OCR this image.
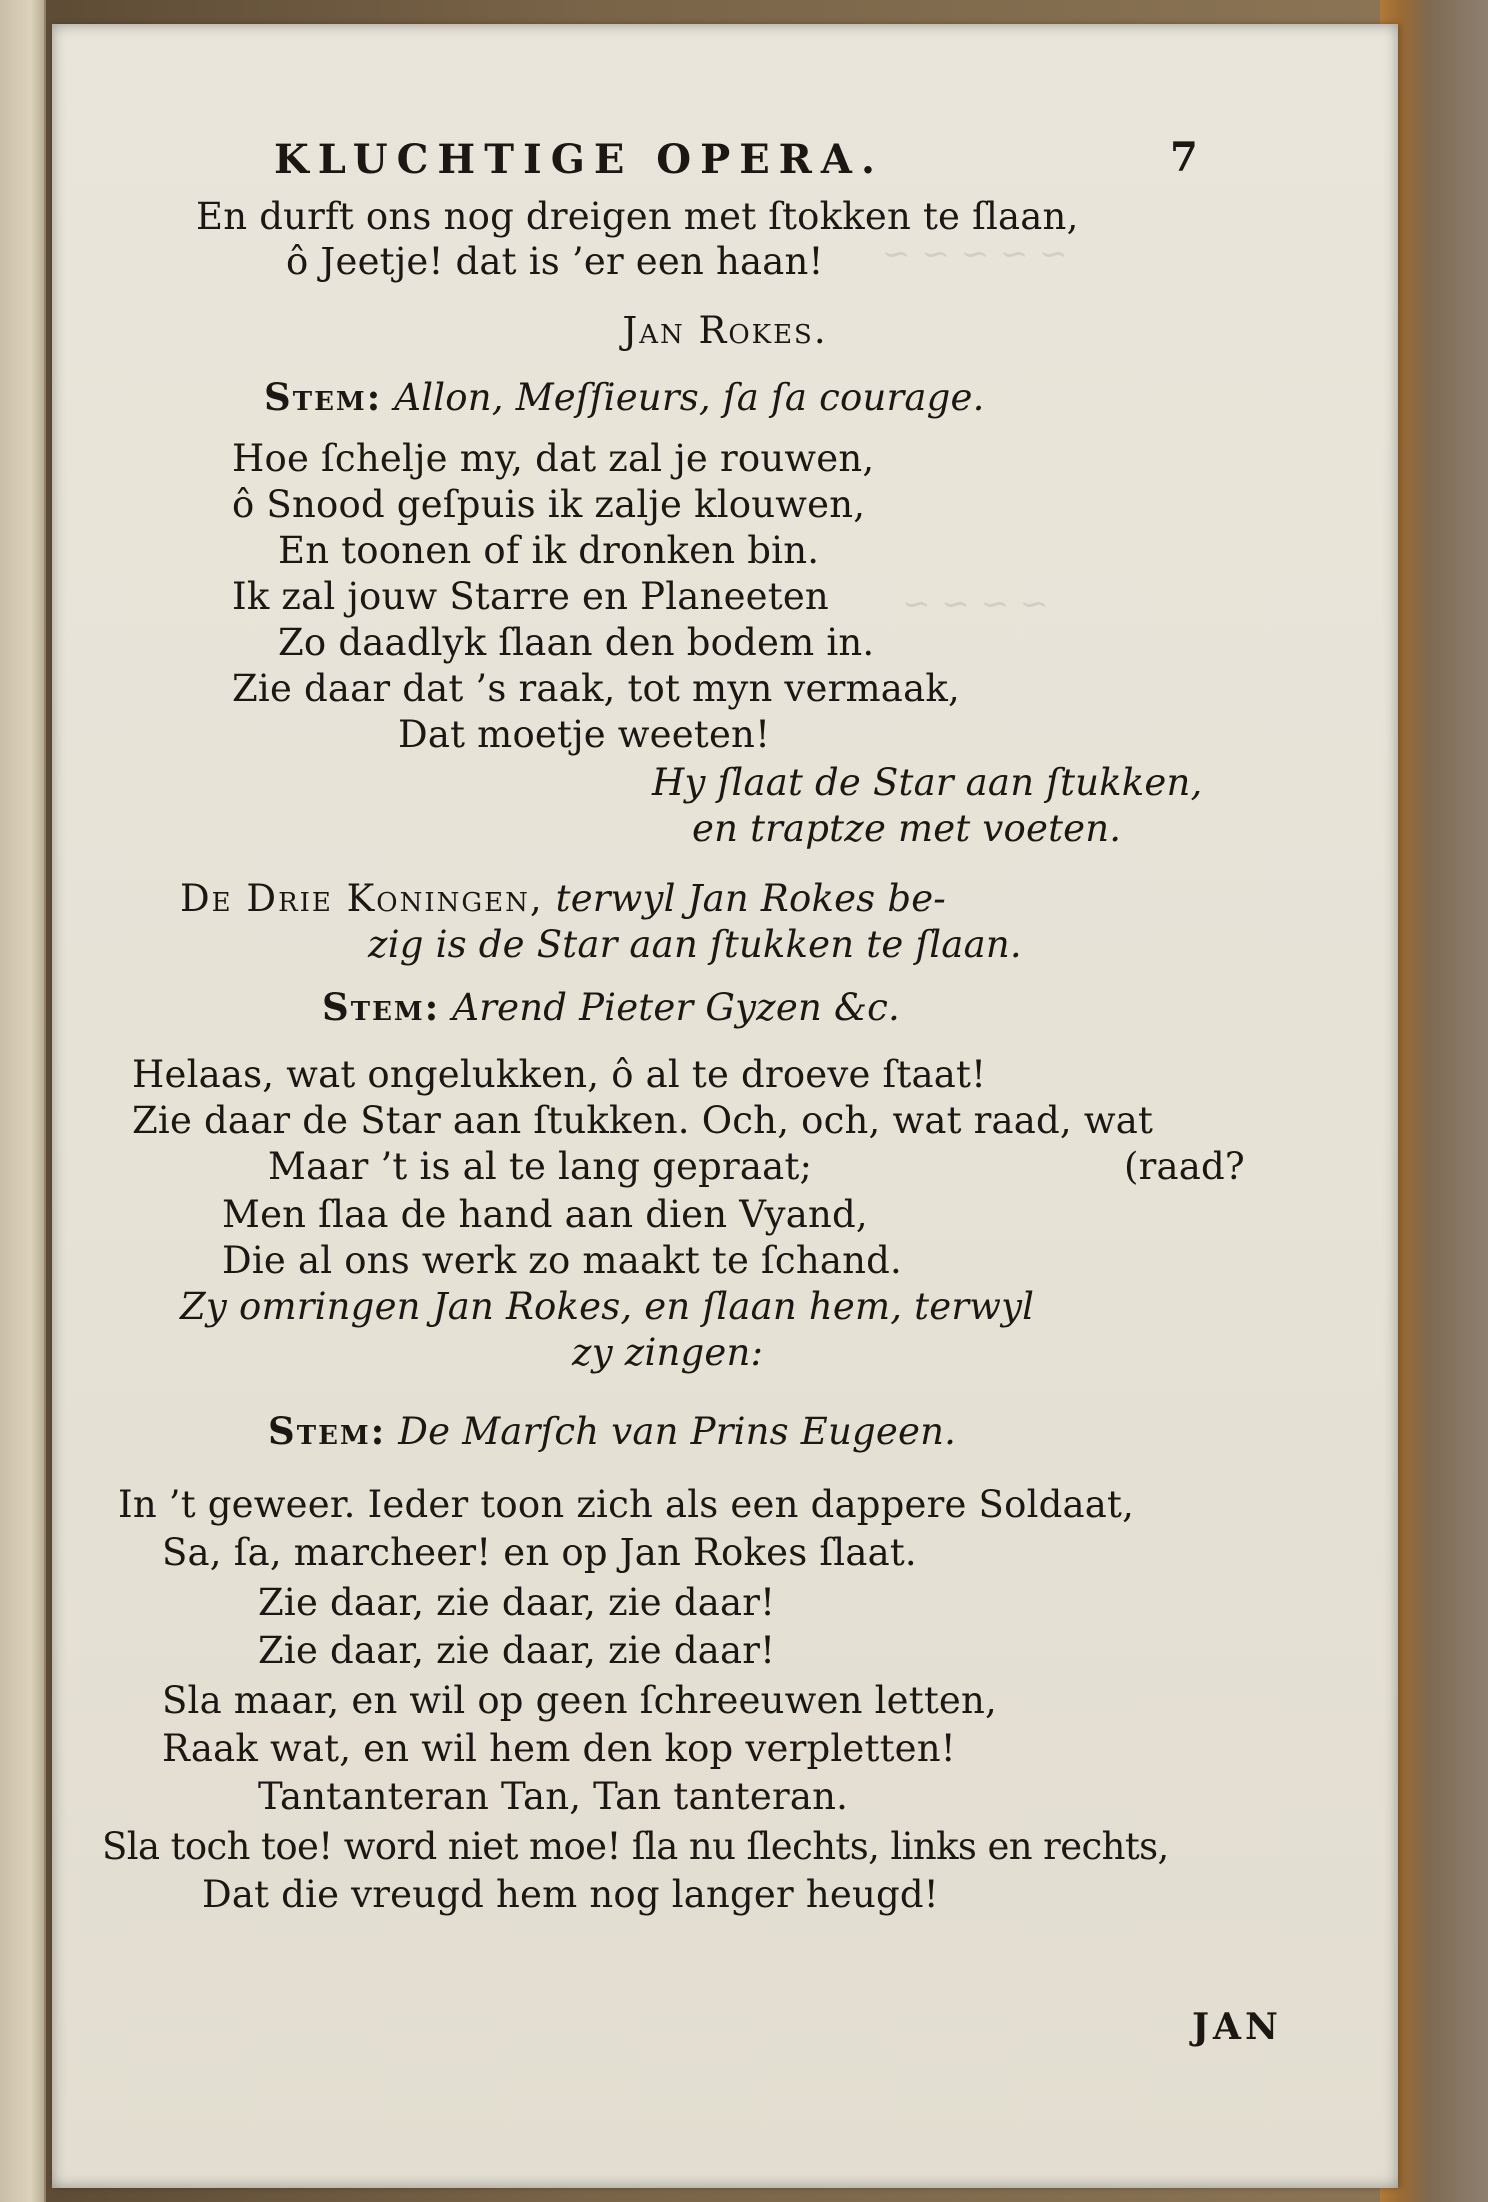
~ ~ ~ ~ ~
~ ~ ~ ~
KLUCHTIGE OPERA.	7
En durft ons nog dreigen met ſtokken te ſlaan,
ô Jeetje! dat is ’er een haan!
Jan Rokes.
Stem: Allon, Meſſieurs, ſa ſa courage.
Hoe ſchelje my, dat zal je rouwen,
ô Snood geſpuis ik zalje klouwen,
En toonen of ik dronken bin.
Ik zal jouw Starre en Planeeten
Zo daadlyk ſlaan den bodem in.
Zie daar dat ’s raak, tot myn vermaak,
Dat moetje weeten!
Hy ſlaat de Star aan ſtukken,
en traptze met voeten.
De Drie Koningen, terwyl Jan Rokes be-
zig is de Star aan ſtukken te ſlaan.
Stem: Arend Pieter Gyzen &c.
Helaas, wat ongelukken, ô al te droeve ſtaat!
Zie daar de Star aan ſtukken. Och, och, wat raad, wat
Maar ’t is al te lang gepraat;	(raad?
Men ſlaa de hand aan dien Vyand,
Die al ons werk zo maakt te ſchand.
Zy omringen Jan Rokes, en ſlaan hem, terwyl
zy zingen:
Stem: De Marſch van Prins Eugeen.
In ’t geweer. Ieder toon zich als een dappere Soldaat,
Sa, ſa, marcheer! en op Jan Rokes ſlaat.
Zie daar, zie daar, zie daar!
Zie daar, zie daar, zie daar!
Sla maar, en wil op geen ſchreeuwen letten,
Raak wat, en wil hem den kop verpletten!
Tantanteran Tan, Tan tanteran.
Sla toch toe! word niet moe! ſla nu ſlechts, links en rechts,
Dat die vreugd hem nog langer heugd!
JAN
